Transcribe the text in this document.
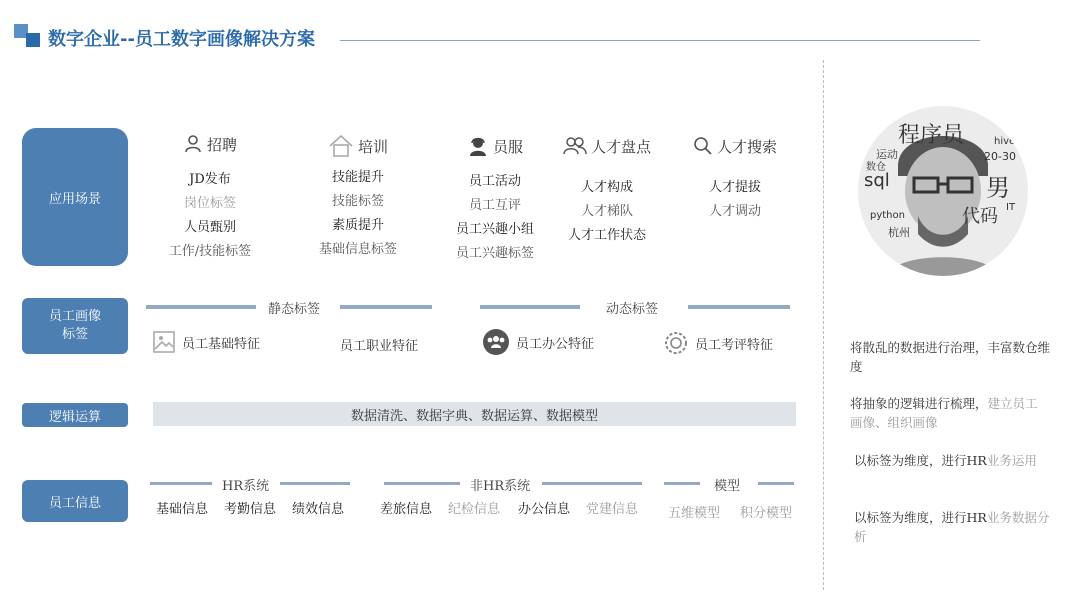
数字企业--员工数字画像解决方案
应用场景
员工画像标签
逻辑运算
员工信息
招聘
JD发布
岗位标签
人员甄别
工作/技能标签
培训
技能提升
技能标签
素质提升
基础信息标签
员服
员工活动
员工互评
员工兴趣小组
员工兴趣标签
人才盘点
人才构成
人才梯队
人才工作状态
人才搜索
人才提拔
人才调动
静态标签	动态标签
员工基础特征	员工职业特征	员工办公特征	员工考评特征
数据清洗、数据字典、数据运算、数据模型
HR系统
基础信息 考勤信息 绩效信息
非HR系统
差旅信息 纪检信息 办公信息 党建信息
模型
五维模型 积分模型
程序员
男
sql
代码
20-30
运动
python
杭州
数仓
hive
IT
将散乱的数据进行治理，丰富数仓维度
将抽象的逻辑进行梳理，建立员工画像、组织画像
以标签为维度，进行HR业务运用
以标签为维度，进行HR业务数据分析
